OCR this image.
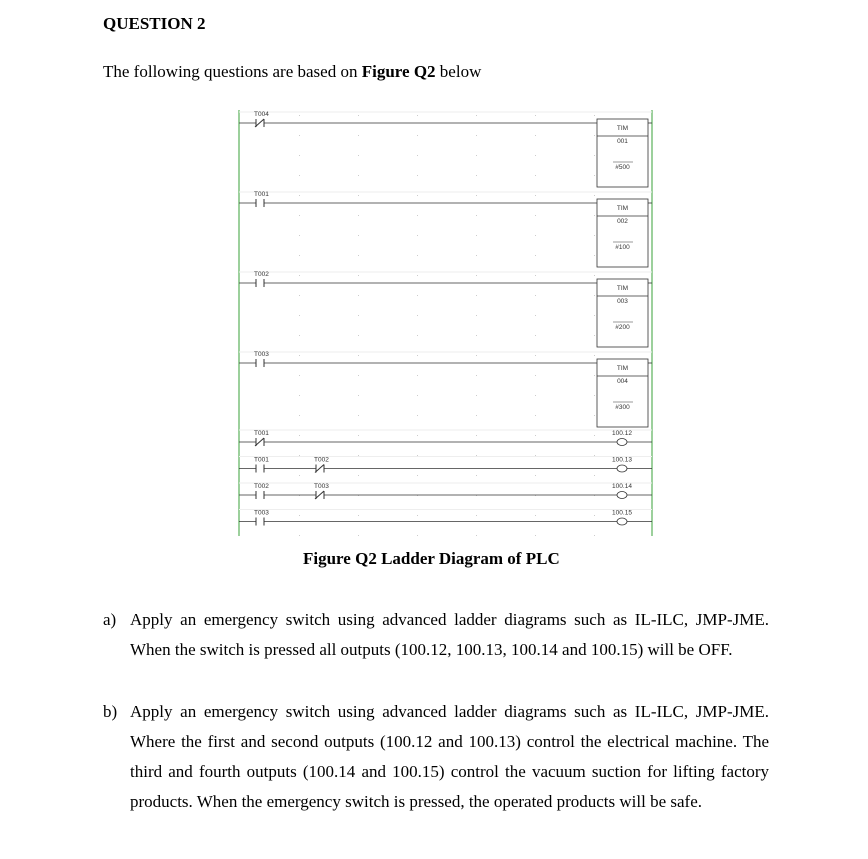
QUESTION 2
The following questions are based on Figure Q2 below
T004
TIM
001
#500
T001
TIM
002
#100
T002
TIM
003
#200
T003
TIM
004
#300
T001	100.12
T001	T002	100.13
T002	T003	100.14
T003	100.15
Figure Q2 Ladder Diagram of PLC
a) Apply an emergency switch using advanced ladder diagrams such as IL-ILC, JMP-JME. When the switch is pressed all outputs (100.12, 100.13, 100.14 and 100.15) will be OFF.
b) Apply an emergency switch using advanced ladder diagrams such as IL-ILC, JMP-JME. Where the first and second outputs (100.12 and 100.13) control the electrical machine. The third and fourth outputs (100.14 and 100.15) control the vacuum suction for lifting factory products. When the emergency switch is pressed, the operated products will be safe.
